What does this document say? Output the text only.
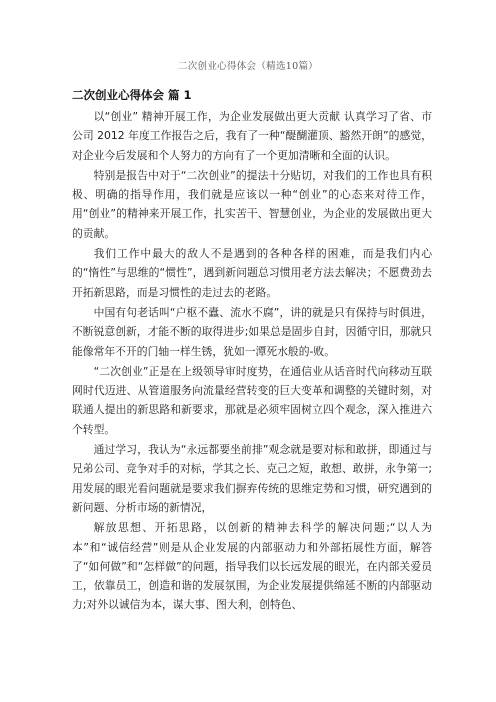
二次创业心得体会（精选10篇）
二次创业心得体会 篇 1

以“创业” 精神开展工作，为企业发展做出更大贡献 认真学习了省、市公司 2012 年度工作报告之后，我有了一种“醍醐灌顶、豁然开朗”的感觉，对企业今后发展和个人努力的方向有了一个更加清晰和全面的认识。

特别是报告中对于“二次创业”的提法十分贴切，对我们的工作也具有积极、明确的指导作用，我们就是应该以一种“创业”的心态来对待工作，用“创业”的精神来开展工作，扎实苦干、智慧创业，为企业的发展做出更大的贡献。

我们工作中最大的敌人不是遇到的各种各样的困难，而是我们内心的“惰性”与思维的“惯性”，遇到新问题总习惯用老方法去解决；不愿费劲去开拓新思路，而是习惯性的走过去的老路。

中国有句老话叫“户枢不蠹、流水不腐”，讲的就是只有保持与时俱进，不断锐意创新，才能不断的取得进步;如果总是固步自封，因循守旧，那就只能像常年不开的门轴一样生锈，犹如一潭死水般的-败。

“二次创业”正是在上级领导审时度势，在通信业从话音时代向移动互联网时代迈进、从管道服务向流量经营转变的巨大变革和调整的关键时刻，对联通人提出的新思路和新要求，那就是必须牢固树立四个观念，深入推进六个转型。

通过学习，我认为“永远都要坐前排”观念就是要对标和敢拼，即通过与兄弟公司、竞争对手的对标，学其之长、克己之短，敢想、敢拼，永争第一;用发展的眼光看问题就是要求我们摒弃传统的思维定势和习惯，研究遇到的新问题、分析市场的新情况，

解放思想、开拓思路，以创新的精神去科学的解决问题;“以人为本”和“诚信经营”则是从企业发展的内部驱动力和外部拓展性方面，解答了“如何做”和“怎样做”的问题，指导我们以长远发展的眼光，在内部关爱员工，依靠员工，创造和谐的发展氛围，为企业发展提供绵延不断的内部驱动力;对外以诚信为本，谋大事、图大利，创特色、
